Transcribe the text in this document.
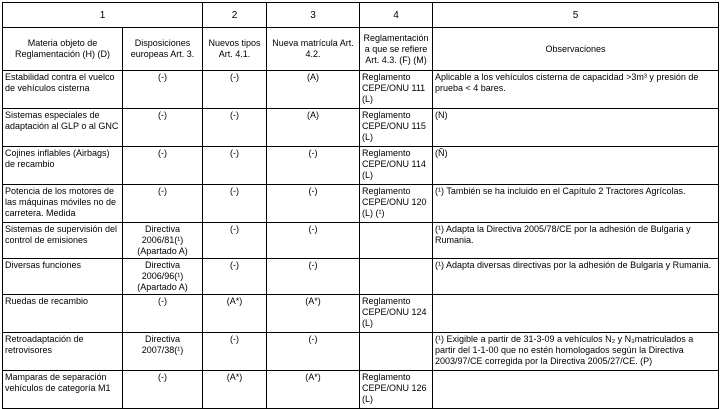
1		2	3	4	5
Materia objeto de Reglamentación (H) (D)	Disposiciones europeas Art. 3.	Nuevos tipos Art. 4.1.	Nueva matrícula Art. 4.2.	Reglamentación a que se refiere Art. 4.3. (F) (M)	Observaciones
Estabilidad contra el vuelco de vehículos cisterna	(-)	(-)	(A)	Reglamento CEPE/ONU 111 (L)	Aplicable a los vehículos cisterna de capacidad >3m³ y presión de prueba < 4 bares.
Sistemas especiales de adaptación al GLP o al GNC	(-)	(-)	(A)	Reglamento CEPE/ONU 115 (L)	(N)
Cojines inflables (Airbags) de recambio	(-)	(-)	(-)	Reglamento CEPE/ONU 114 (L)	(Ñ)
Potencia de los motores de las máquinas móviles no de carretera. Medida	(-)	(-)	(-)	Reglamento CEPE/ONU 120 (L) (¹)	(¹) También se ha incluido en el Capítulo 2 Tractores Agrícolas.
Sistemas de supervisión del control de emisiones	Directiva 2006/81(¹) (Apartado A)	(-)	(-)		(¹) Adapta la Directiva 2005/78/CE por la adhesión de Bulgaria y Rumania.
Diversas funciones	Directiva 2006/96(¹) (Apartado A)	(-)	(-)		(¹) Adapta diversas directivas por la adhesión de Bulgaria y Rumania.
Ruedas de recambio	(-)	(A*)	(A*)	Reglamento CEPE/ONU 124 (L)	
Retroadaptación de retrovisores	Directiva 2007/38(¹)	(-)	(-)		(¹) Exigible a partir de 31-3-09 a vehículos N₂ y N₃matriculados a partir del 1-1-00 que no estén homologados según la Directiva 2003/97/CE corregida por la Directiva 2005/27/CE. (P)
Mamparas de separación vehículos de categoría M1	(-)	(A*)	(A*)	Reglamento CEPE/ONU 126 (L)	
